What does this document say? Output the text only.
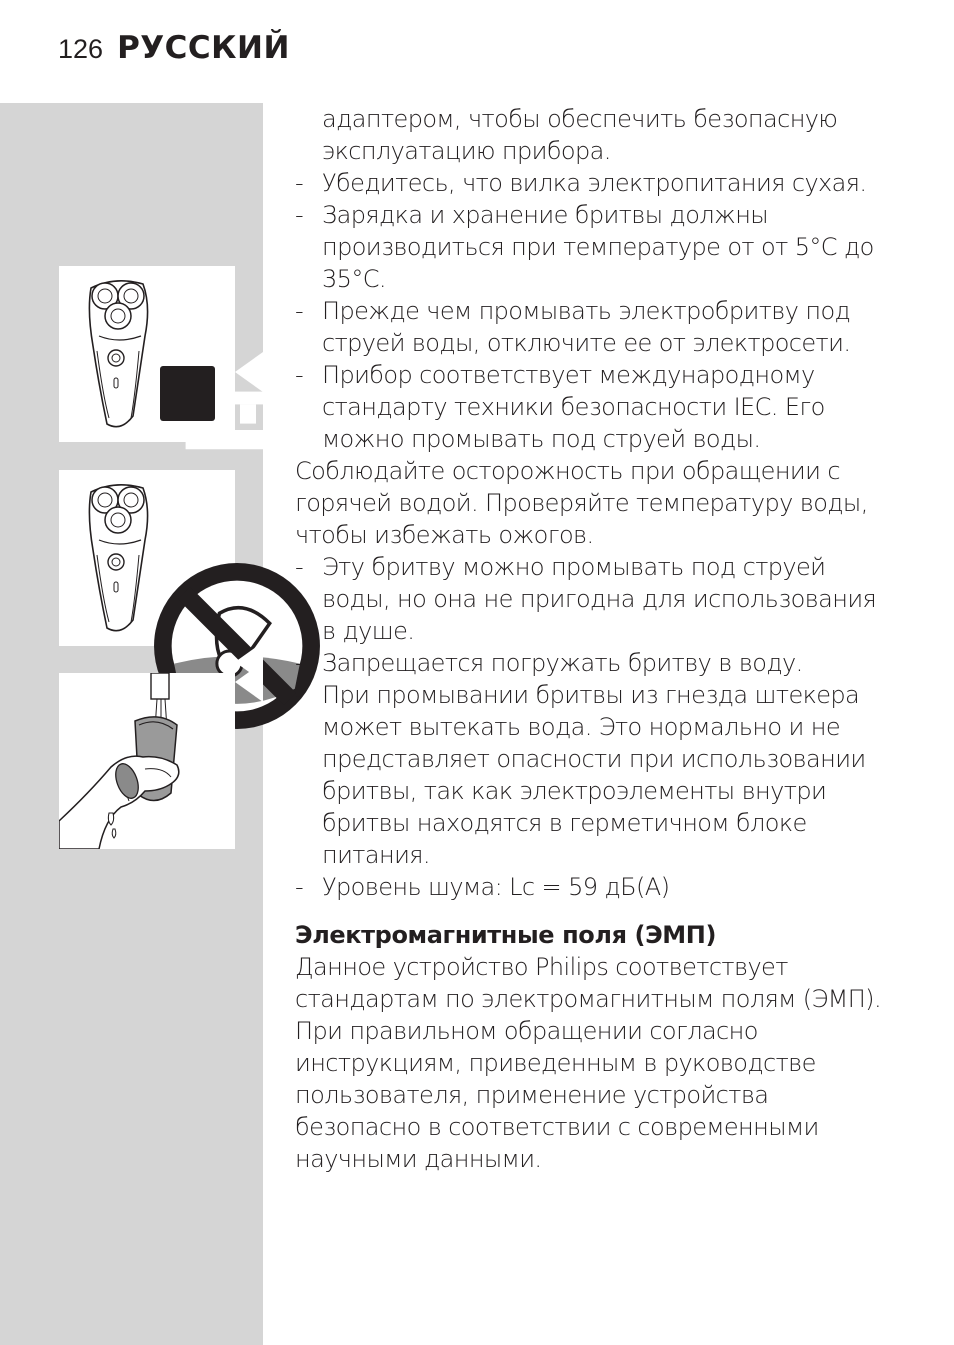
126 РУССКИЙ

адаптером, чтобы обеспечить безопасную эксплуатацию прибора.

- Убедитесь, что вилка электропитания сухая.

- Зарядка и хранение бритвы должны производиться при температуре от от 5°C до 35°C.

- Прежде чем промывать электробритву под струей воды, отключите ее от электросети.

- Прибор соответствует международному стандарту техники безопасности IEC. Его можно промывать под струей воды.

Соблюдайте осторожность при обращении с горячей водой. Проверяйте температуру воды, чтобы избежать ожогов.

- Эту бритву можно промывать под струей воды, но она не пригодна для использования в душе.

- Запрещается погружать бритву в воду.

- При промывании бритвы из гнезда штекера может вытекать вода. Это нормально и не представляет опасности при использовании бритвы, так как электроэлементы внутри бритвы находятся в герметичном блоке питания.

- Уровень шума: Lc = 59 дБ(A)

Электромагнитные поля (ЭМП)

Данное устройство Philips соответствует стандартам по электромагнитным полям (ЭМП). При правильном обращении согласно инструкциям, приведенным в руководстве пользователя, применение устройства безопасно в соответствии с современными научными данными.
